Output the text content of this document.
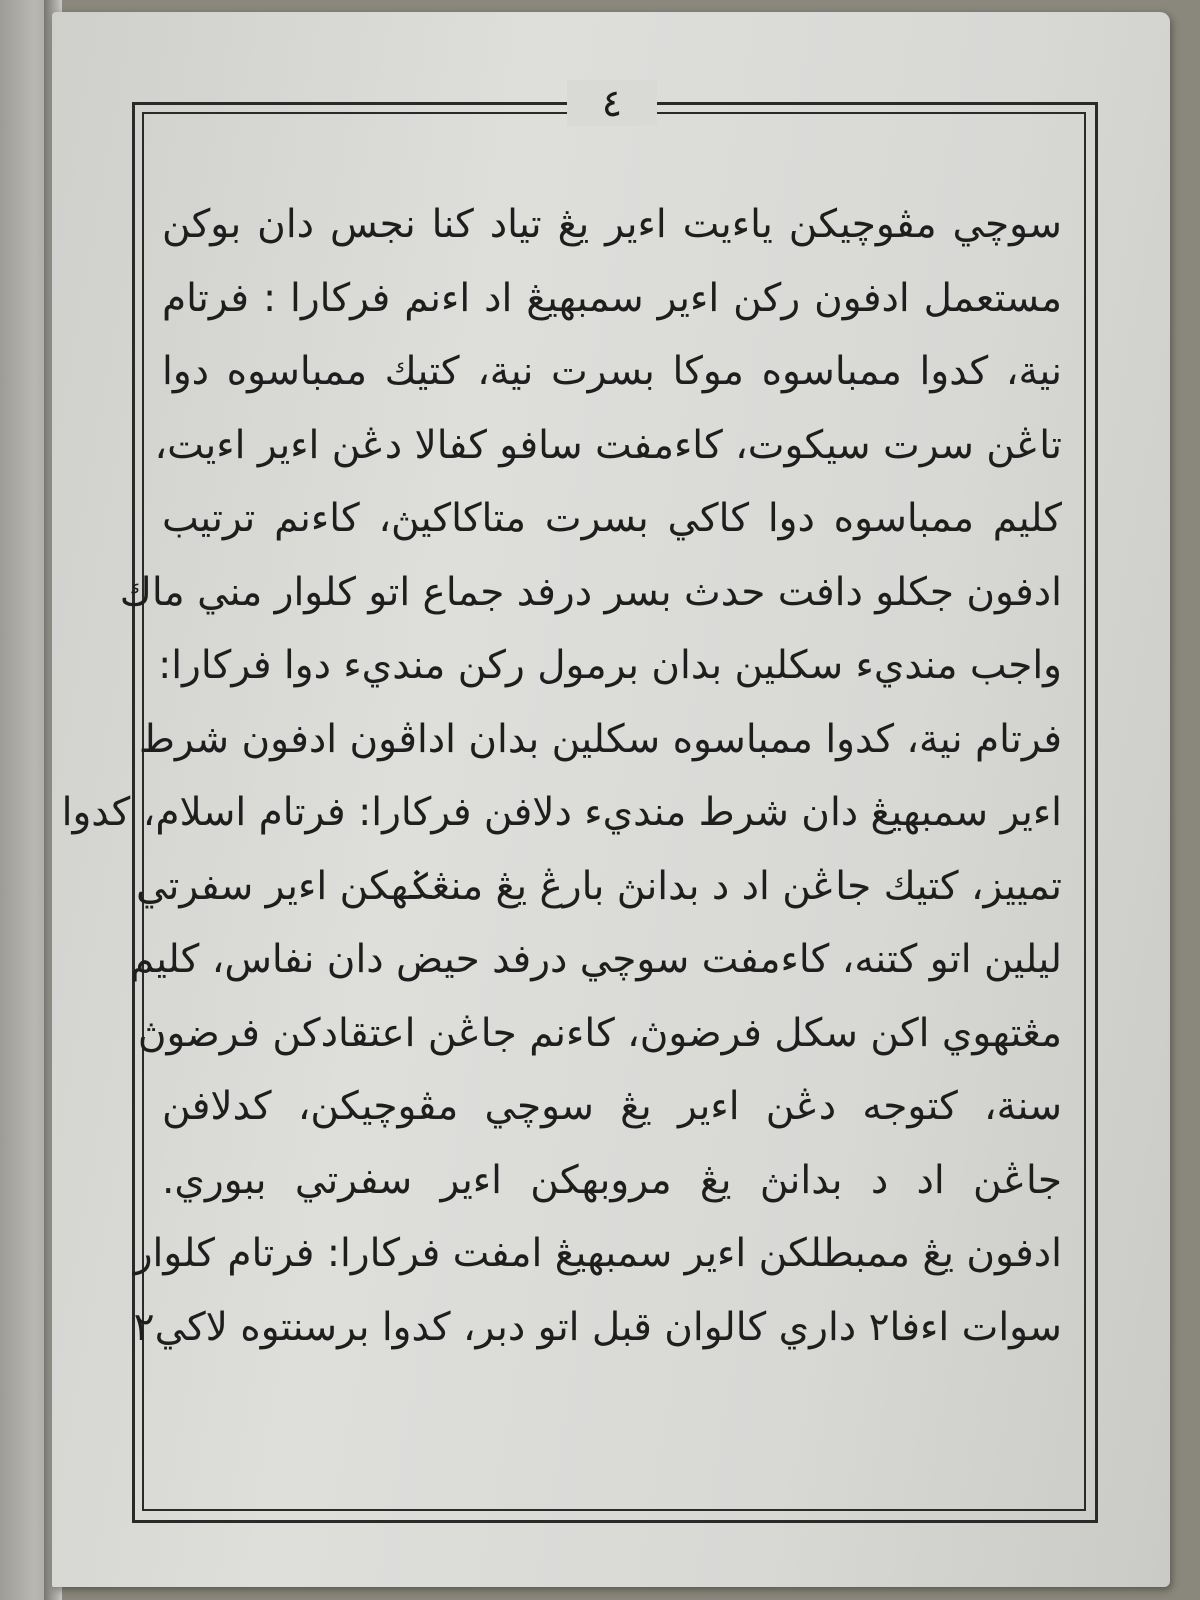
٤
سوچي مڤوچيكن ياءيت اءير يڠ تياد كنا نجس دان بوكن
مستعمل ادفون ركن اءير سمبهيڠ اد اءنم فركارا : فرتام
نية، كدوا ممباسوه موكا بسرت نية، كتيك ممباسوه دوا
تاڠن سرت سيكوت، كاءمفت سافو كفالا دڠن اءير اءيت،
كليم ممباسوه دوا كاكي بسرت متاكاكيڽ، كاءنم ترتيب
ادفون جكلو دافت حدث بسر درفد جماع اتو كلوار مني ماك
واجب منديء سكلين بدان برمول ركن منديء دوا فركارا:
فرتام نية، كدوا ممباسوه سكلين بدان اداڤون ادفون شرط
اءير سمبهيڠ دان شرط منديء دلافن فركارا: فرتام اسلام، كدوا
تمييز، كتيك جاڠن اد د بدانڽ بارڠ يڠ منڠݢهكن اءير سفرتي
ليلين اتو كتنه، كاءمفت سوچي درفد حيض دان نفاس، كليم
مڠتهوي اكن سكل فرضوڽ، كاءنم جاڠن اعتقادكن فرضوڽ
سنة، كتوجه دڠن اءير يڠ سوچي مڤوچيكن، كدلافن
جاڠن اد د بدانڽ يڠ مروبهكن اءير سفرتي ببوري.
ادفون يڠ ممبطلكن اءير سمبهيڠ امفت فركارا: فرتام كلوار
سوات اءفا٢ داري كالوان قبل اتو دبر، كدوا برسنتوه لاكي٢
